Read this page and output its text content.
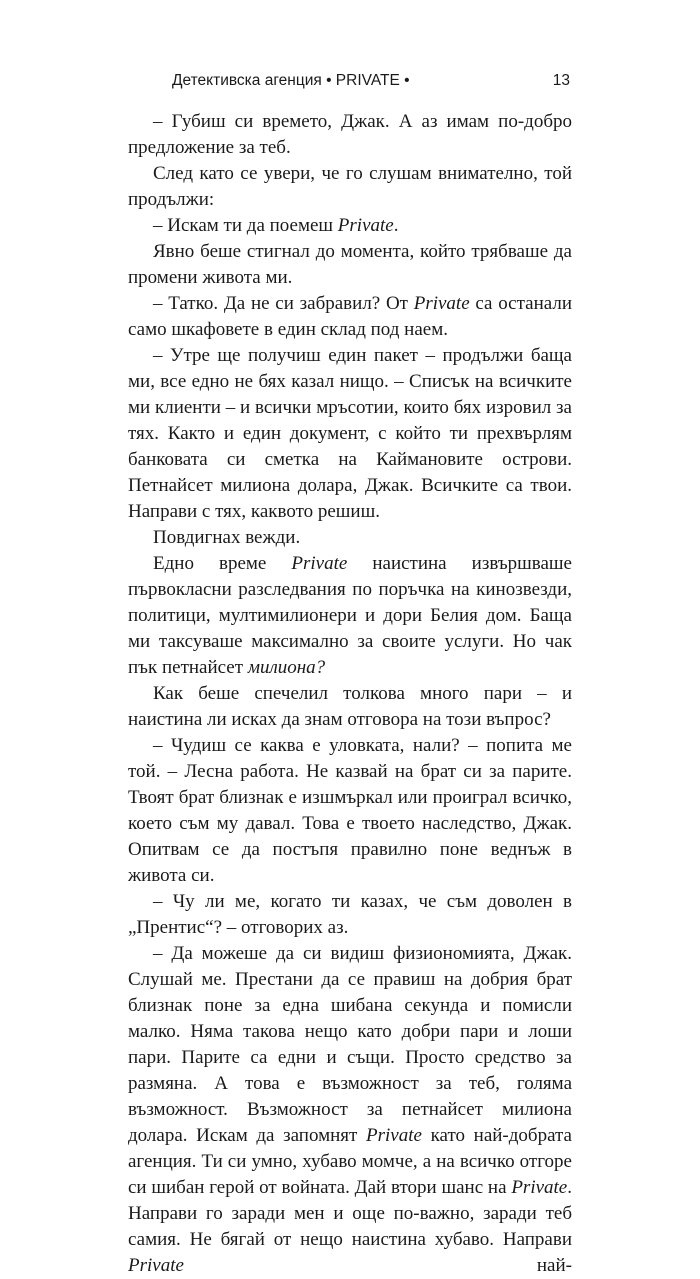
Детективска агенция • PRIVATE •	13

– Губиш си времето, Джак. А аз имам по-добро предложение за теб.

След като се увери, че го слушам внимателно, той продължи:

– Искам ти да поемеш Private.

Явно беше стигнал до момента, който трябваше да промени живота ми.

– Татко. Да не си забравил? От Private са останали само шкафовете в един склад под наем.

– Утре ще получиш един пакет – продължи баща ми, все едно не бях казал нищо. – Списък на всичките ми клиенти – и всички мръсотии, които бях изровил за тях. Както и един документ, с който ти прехвърлям банковата си сметка на Каймановите острови. Петнайсет милиона долара, Джак. Всичките са твои. Направи с тях, каквото решиш.

Повдигнах вежди.

Едно време Private наистина извършваше първокласни разследвания по поръчка на кинозвезди, политици, мултимилионери и дори Белия дом. Баща ми таксуваше максимално за своите услуги. Но чак пък петнайсет милиона?

Как беше спечелил толкова много пари – и наистина ли исках да знам отговора на този въпрос?

– Чудиш се каква е уловката, нали? – попита ме той. – Лесна работа. Не казвай на брат си за парите. Твоят брат близнак е изшмъркал или проиграл всичко, което съм му давал. Това е твоето наследство, Джак. Опитвам се да постъпя правилно поне веднъж в живота си.

– Чу ли ме, когато ти казах, че съм доволен в „Прентис“? – отговорих аз.

– Да можеше да си видиш физиономията, Джак. Слушай ме. Престани да се правиш на добрия брат близнак поне за една шибана секунда и помисли малко. Няма такова нещо като добри пари и лоши пари. Парите са едни и същи. Просто средство за размяна. А това е възможност за теб, голяма възможност. Възможност за петнайсет милиона долара. Искам да запомнят Private като най-добрата агенция. Ти си умно, хубаво момче, а на всичко отгоре си шибан герой от войната. Дай втори шанс на Private. Направи го заради мен и още по-важно, заради теб самия. Не бягай от нещо наистина хубаво. Направи Private най-
